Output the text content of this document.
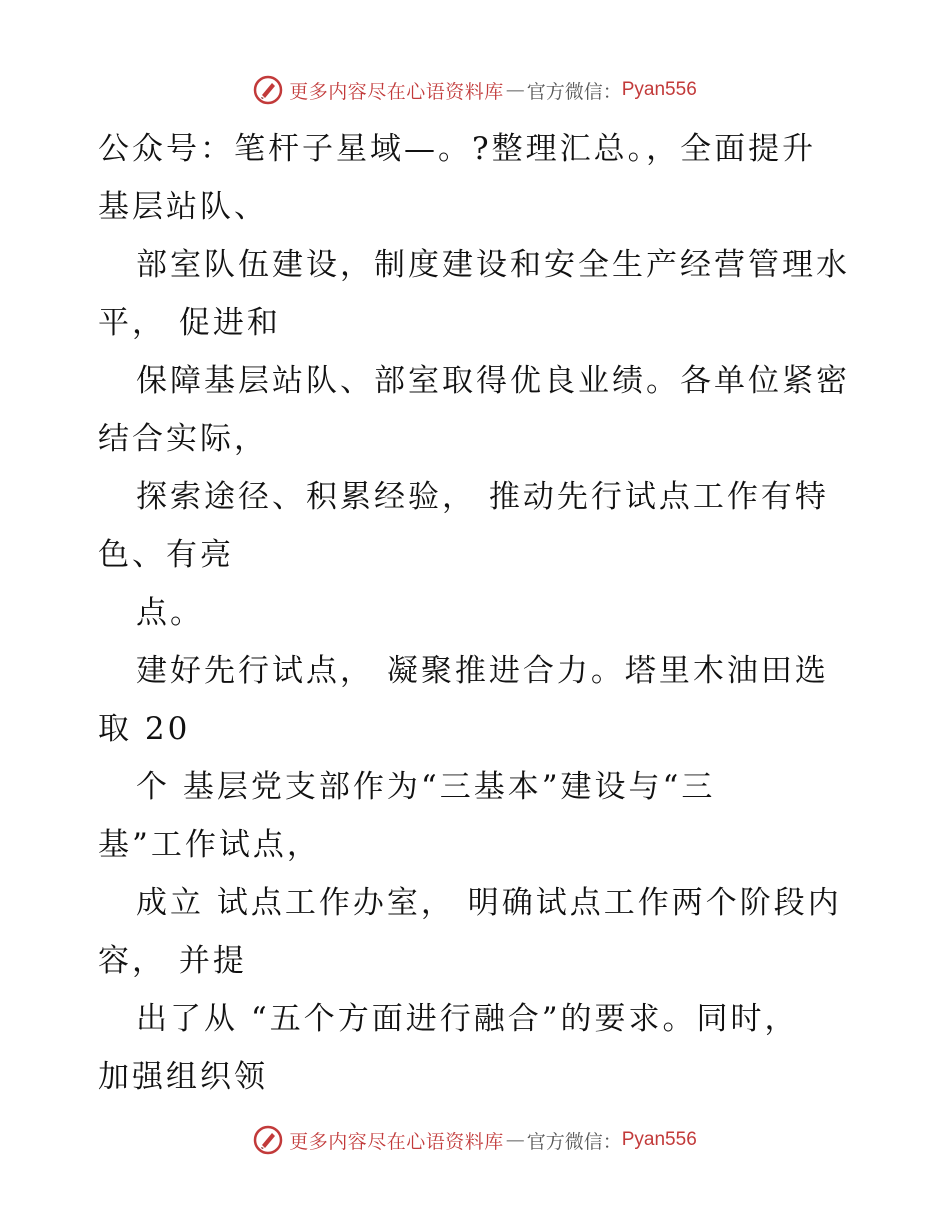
更多内容尽在心语资料库 — 官方微信： Pyan556
公众号：笔杆子星域—。?整理汇总。，全面提升
基层站队、
部室队伍建设，制度建设和安全生产经营管理水
平， 促进和
保障基层站队、部室取得优良业绩。各单位紧密
结合实际，
探索途径、积累经验， 推动先行试点工作有特
色、有亮
点。
建好先行试点， 凝聚推进合力。塔里木油田选
取 20
个 基层党支部作为“三基本”建设与“三
基”工作试点，
成立 试点工作办室， 明确试点工作两个阶段内
容， 并提
出了从 “五个方面进行融合”的要求。同时，
加强组织领
更多内容尽在心语资料库 — 官方微信： Pyan556
